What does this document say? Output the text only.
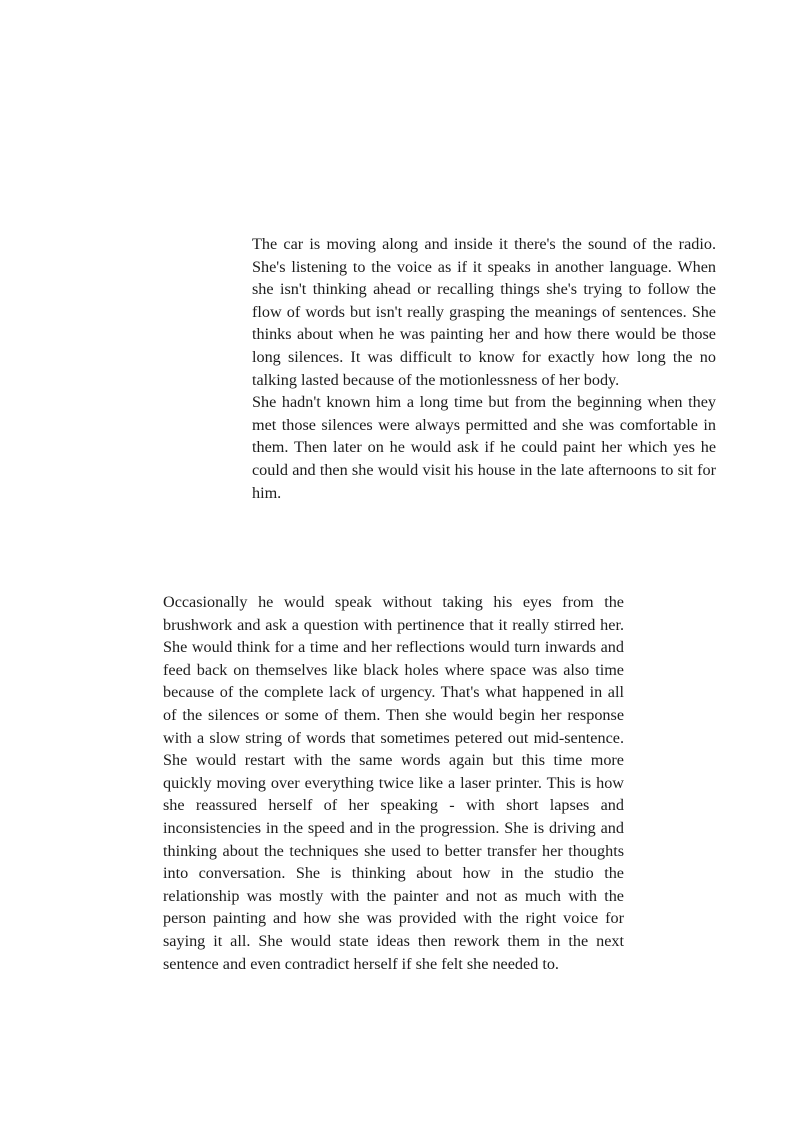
The car is moving along and inside it there's the sound of the radio. She's listening to the voice as if it speaks in another language. When she isn't thinking ahead or recalling things she's trying to follow the flow of words but isn't really grasping the meanings of sentences. She thinks about when he was painting her and how there would be those long silences. It was difficult to know for exactly how long the no talking lasted because of the motionlessness of her body.

She hadn't known him a long time but from the beginning when they met those silences were always permitted and she was comfortable in them. Then later on he would ask if he could paint her which yes he could and then she would visit his house in the late afternoons to sit for him.

Occasionally he would speak without taking his eyes from the brushwork and ask a question with pertinence that it really stirred her. She would think for a time and her reflections would turn inwards and feed back on themselves like black holes where space was also time because of the complete lack of urgency. That's what happened in all of the silences or some of them. Then she would begin her response with a slow string of words that sometimes petered out mid-sentence. She would restart with the same words again but this time more quickly moving over everything twice like a laser printer. This is how she reassured herself of her speaking - with short lapses and inconsistencies in the speed and in the progression. She is driving and thinking about the techniques she used to better transfer her thoughts into conversation. She is thinking about how in the studio the relationship was mostly with the painter and not as much with the person painting and how she was provided with the right voice for saying it all. She would state ideas then rework them in the next sentence and even contradict herself if she felt she needed to.
